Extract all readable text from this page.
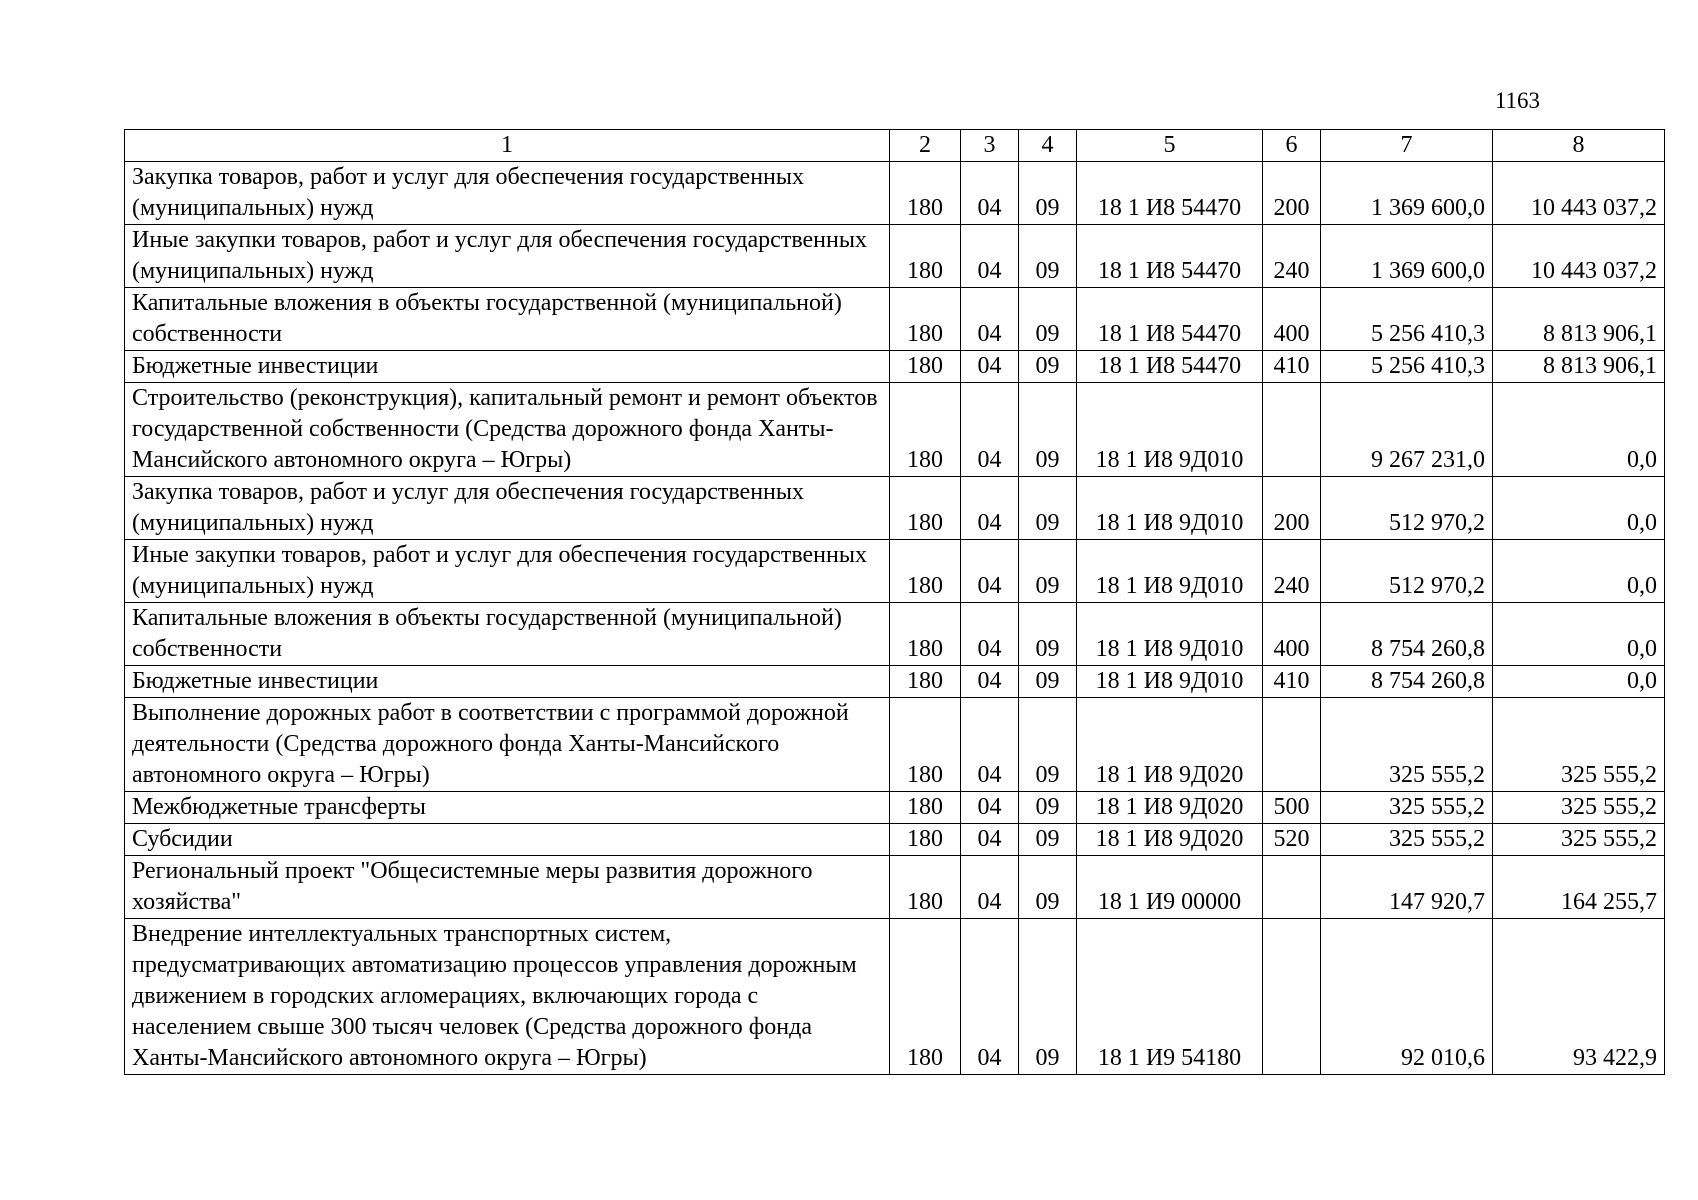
1163
1	2	3	4	5	6	7	8
Закупка товаров, работ и услуг для обеспечения государственных (муниципальных) нужд	180	04	09	18 1 И8 54470	200	1 369 600,0	10 443 037,2
Иные закупки товаров, работ и услуг для обеспечения государственных (муниципальных) нужд	180	04	09	18 1 И8 54470	240	1 369 600,0	10 443 037,2
Капитальные вложения в объекты государственной (муниципальной) собственности	180	04	09	18 1 И8 54470	400	5 256 410,3	8 813 906,1
Бюджетные инвестиции	180	04	09	18 1 И8 54470	410	5 256 410,3	8 813 906,1
Строительство (реконструкция), капитальный ремонт и ремонт объектов государственной собственности (Средства дорожного фонда Ханты-Мансийского автономного округа – Югры)	180	04	09	18 1 И8 9Д010		9 267 231,0	0,0
Закупка товаров, работ и услуг для обеспечения государственных (муниципальных) нужд	180	04	09	18 1 И8 9Д010	200	512 970,2	0,0
Иные закупки товаров, работ и услуг для обеспечения государственных (муниципальных) нужд	180	04	09	18 1 И8 9Д010	240	512 970,2	0,0
Капитальные вложения в объекты государственной (муниципальной) собственности	180	04	09	18 1 И8 9Д010	400	8 754 260,8	0,0
Бюджетные инвестиции	180	04	09	18 1 И8 9Д010	410	8 754 260,8	0,0
Выполнение дорожных работ в соответствии с программой дорожной деятельности (Средства дорожного фонда Ханты-Мансийского автономного округа – Югры)	180	04	09	18 1 И8 9Д020		325 555,2	325 555,2
Межбюджетные трансферты	180	04	09	18 1 И8 9Д020	500	325 555,2	325 555,2
Субсидии	180	04	09	18 1 И8 9Д020	520	325 555,2	325 555,2
Региональный проект "Общесистемные меры развития дорожного хозяйства"	180	04	09	18 1 И9 00000		147 920,7	164 255,7
Внедрение интеллектуальных транспортных систем, предусматривающих автоматизацию процессов управления дорожным движением в городских агломерациях, включающих города с населением свыше 300 тысяч человек (Средства дорожного фонда Ханты-Мансийского автономного округа – Югры)	180	04	09	18 1 И9 54180		92 010,6	93 422,9
